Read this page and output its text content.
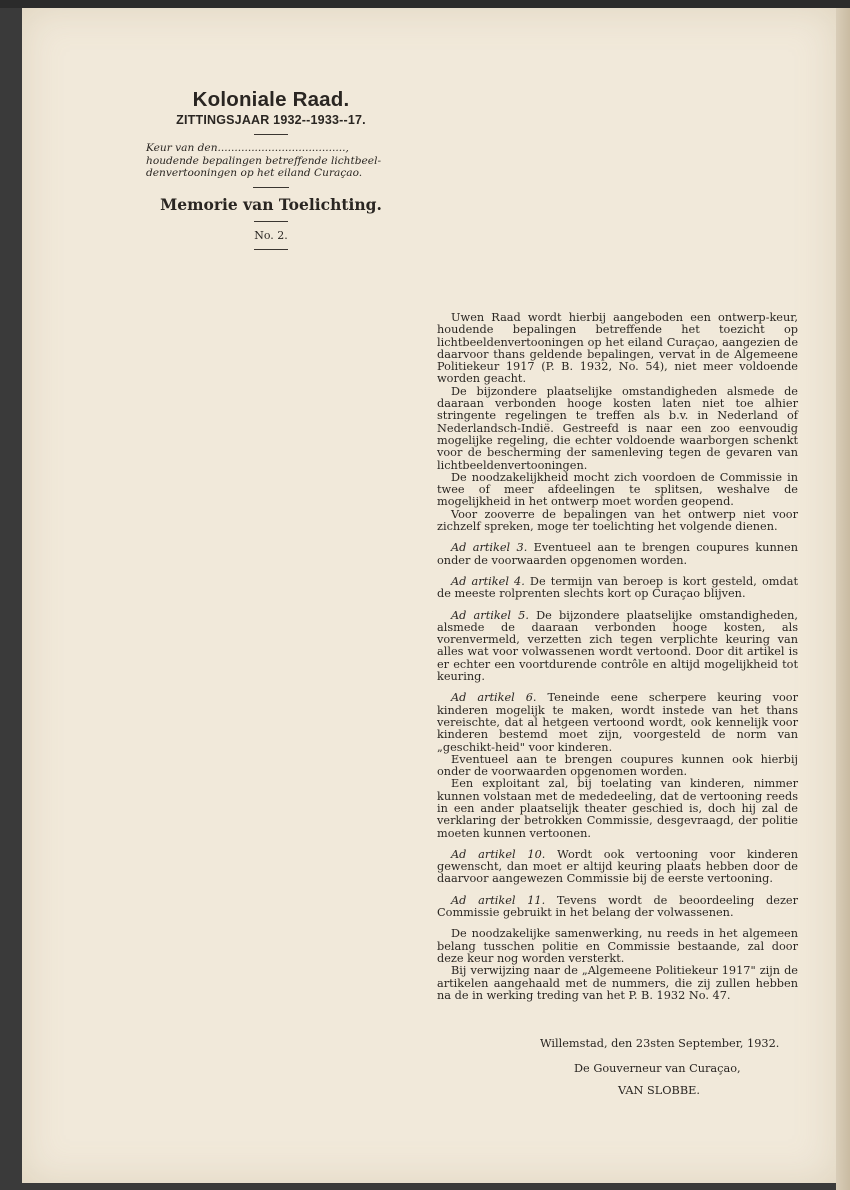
Koloniale Raad.
ZITTINGSJAAR 1932--1933--17.
Keur van den......................................,
houdende bepalingen betreffende lichtbeel-
denvertooningen op het eiland Curaçao.
Memorie van Toelichting.
No. 2.

Uwen Raad wordt hierbij aangeboden een ontwerp-keur, houdende bepalingen betreffende het toezicht op lichtbeeldenvertooningen op het eiland Curaçao, aangezien de daarvoor thans geldende bepalingen, vervat in de Algemeene Politiekeur 1917 (P. B. 1932, No. 54), niet meer voldoende worden geacht.

De bijzondere plaatselijke omstandigheden alsmede de daaraan verbonden hooge kosten laten niet toe alhier stringente regelingen te treffen als b.v. in Nederland of Nederlandsch-Indië. Gestreefd is naar een zoo eenvoudig mogelijke regeling, die echter voldoende waarborgen schenkt voor de bescherming der samenleving tegen de gevaren van lichtbeeldenvertooningen.

De noodzakelijkheid mocht zich voordoen de Commissie in twee of meer afdeelingen te splitsen, weshalve de mogelijkheid in het ontwerp moet worden geopend.

Voor zooverre de bepalingen van het ontwerp niet voor zichzelf spreken, moge ter toelichting het volgende dienen.

Ad artikel 3. Eventueel aan te brengen coupures kunnen onder de voorwaarden opgenomen worden.

Ad artikel 4. De termijn van beroep is kort gesteld, omdat de meeste rolprenten slechts kort op Curaçao blijven.

Ad artikel 5. De bijzondere plaatselijke omstandigheden, alsmede de daaraan verbonden hooge kosten, als vorenvermeld, verzetten zich tegen verplichte keuring van alles wat voor volwassenen wordt vertoond. Door dit artikel is er echter een voortdurende contrôle en altijd mogelijkheid tot keuring.

Ad artikel 6. Teneinde eene scherpere keuring voor kinderen mogelijk te maken, wordt instede van het thans vereischte, dat al hetgeen vertoond wordt, ook kennelijk voor kinderen bestemd moet zijn, voorgesteld de norm van „geschikt-heid" voor kinderen.

Eventueel aan te brengen coupures kunnen ook hierbij onder de voorwaarden opgenomen worden.

Een exploitant zal, bij toelating van kinderen, nimmer kunnen volstaan met de mededeeling, dat de vertooning reeds in een ander plaatselijk theater geschied is, doch hij zal de verklaring der betrokken Commissie, desgevraagd, der politie moeten kunnen vertoonen.

Ad artikel 10. Wordt ook vertooning voor kinderen gewenscht, dan moet er altijd keuring plaats hebben door de daarvoor aangewezen Commissie bij de eerste vertooning.

Ad artikel 11. Tevens wordt de beoordeeling dezer Commissie gebruikt in het belang der volwassenen.

De noodzakelijke samenwerking, nu reeds in het algemeen belang tusschen politie en Commissie bestaande, zal door deze keur nog worden versterkt.

Bij verwijzing naar de „Algemeene Politiekeur 1917" zijn de artikelen aangehaald met de nummers, die zij zullen hebben na de in werking treding van het P. B. 1932 No. 47.

Willemstad, den 23sten September, 1932.
De Gouverneur van Curaçao,
VAN SLOBBE.
